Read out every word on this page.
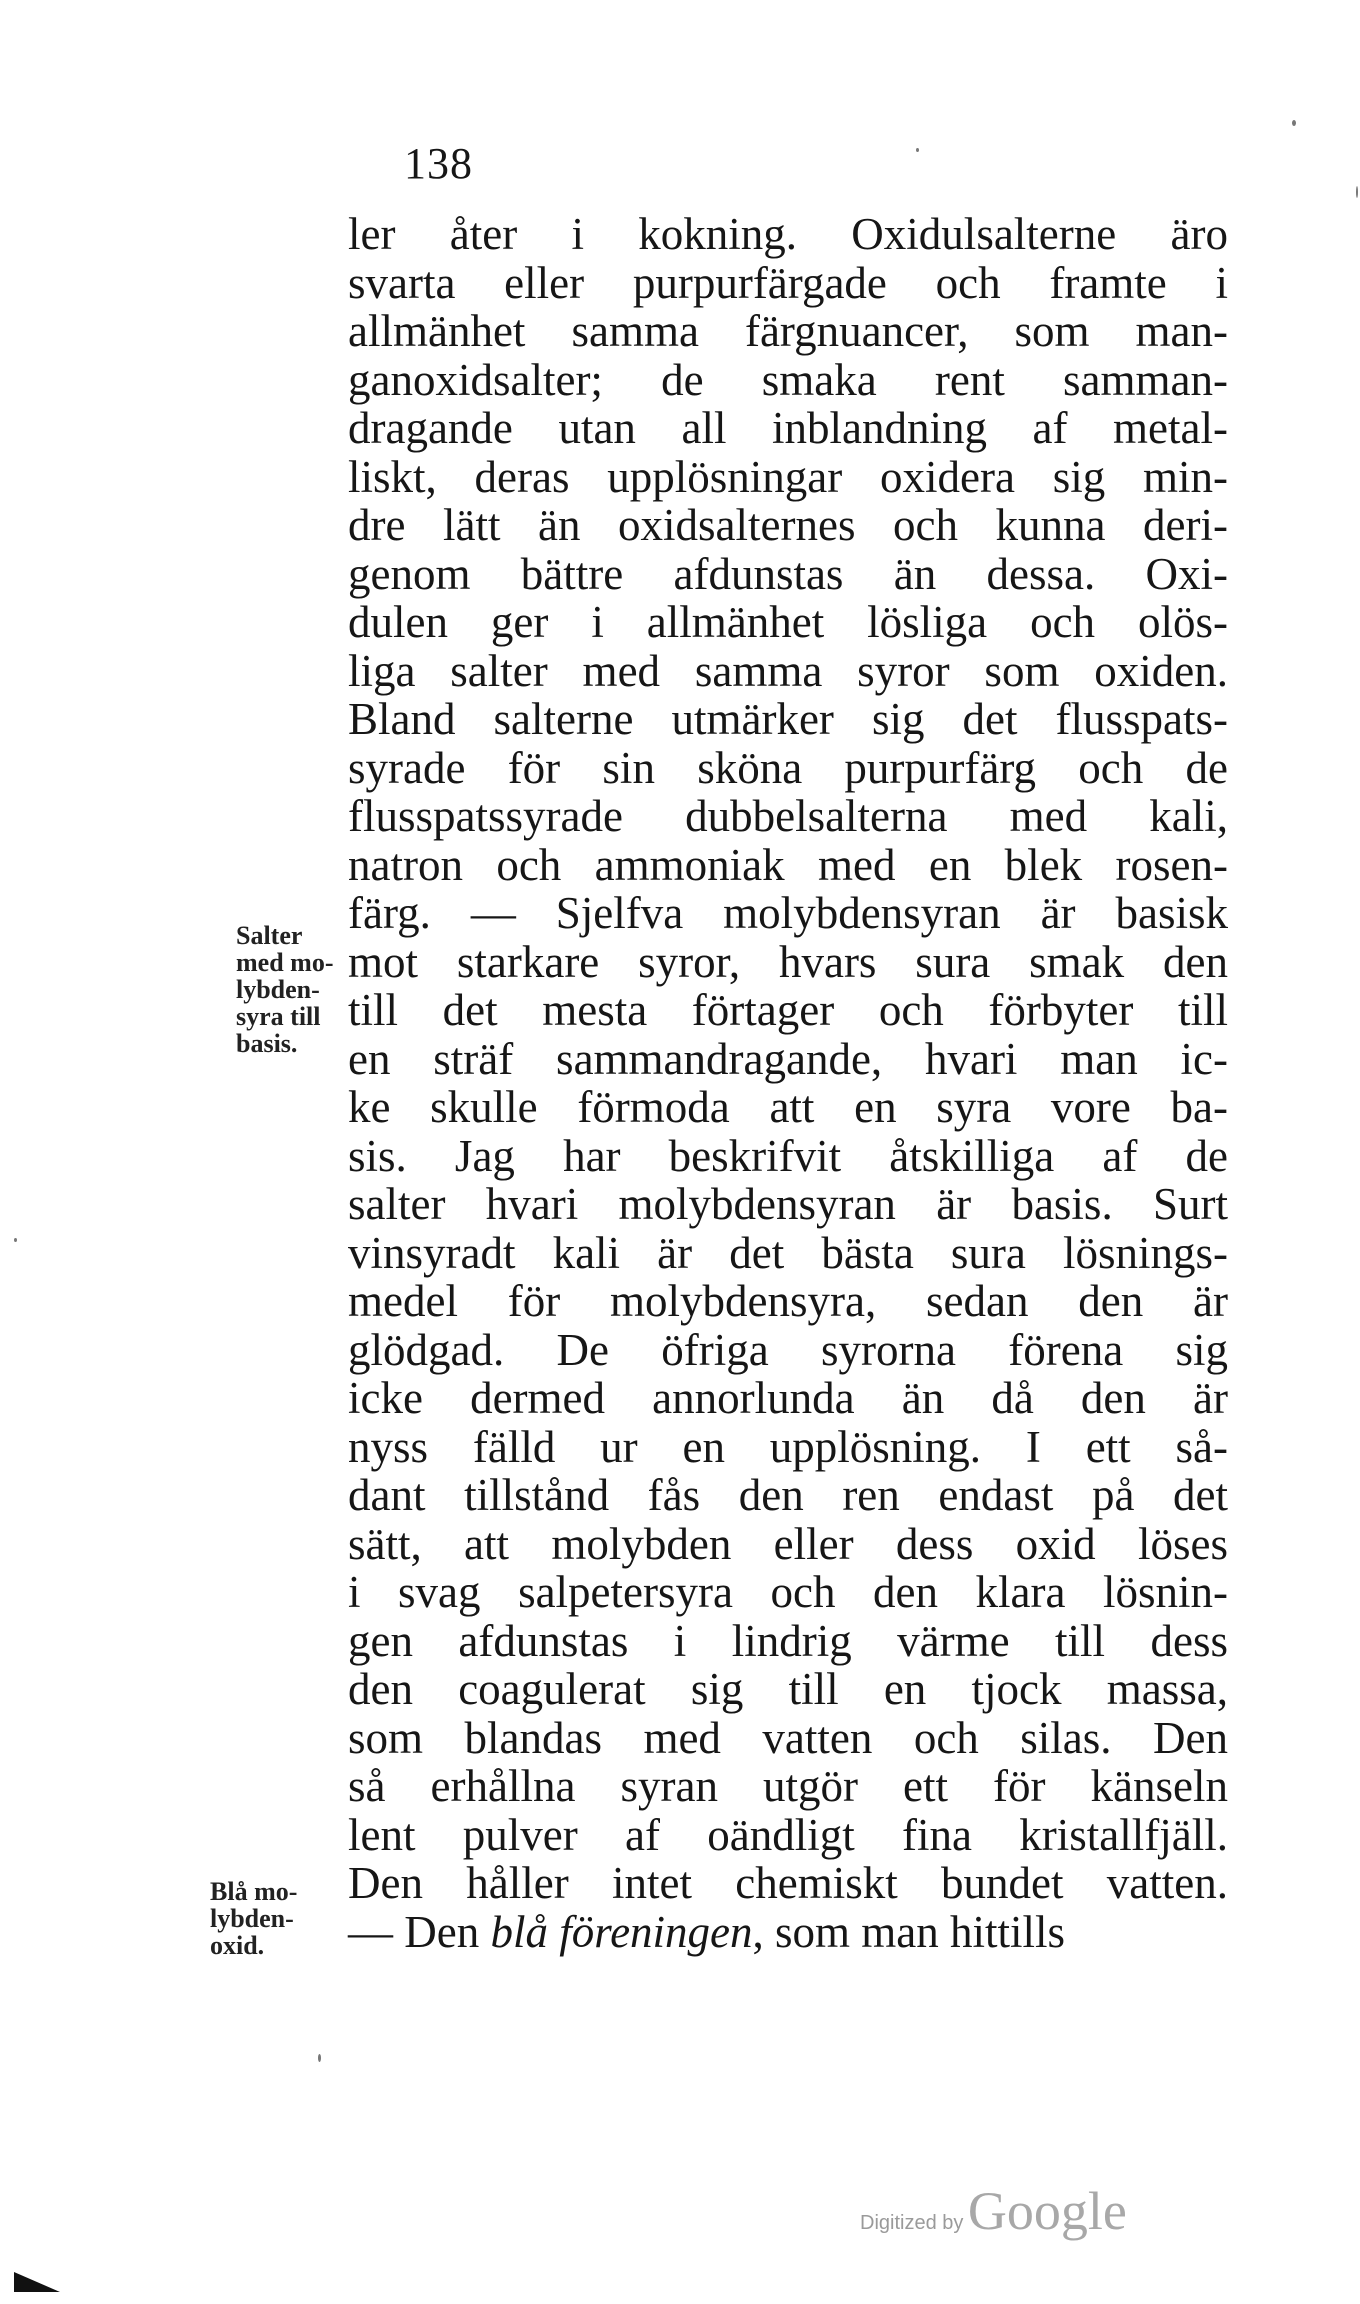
138
ler åter i kokning. Oxidulsalterne äro
svarta eller purpurfärgade och framte i
allmänhet samma färgnuancer, som man-
ganoxidsalter; de smaka rent samman-
dragande utan all inblandning af metal-
liskt, deras upplösningar oxidera sig min-
dre lätt än oxidsalternes och kunna deri-
genom bättre afdunstas än dessa. Oxi-
dulen ger i allmänhet lösliga och olös-
liga salter med samma syror som oxiden.
Bland salterne utmärker sig det flusspats-
syrade för sin sköna purpurfärg och de
flusspatssyrade dubbelsalterna med kali,
natron och ammoniak med en blek rosen-
färg. — Sjelfva molybdensyran är basisk
mot starkare syror, hvars sura smak den
till det mesta förtager och förbyter till
en sträf sammandragande, hvari man ic-
ke skulle förmoda att en syra vore ba-
sis. Jag har beskrifvit åtskilliga af de
salter hvari molybdensyran är basis. Surt
vinsyradt kali är det bästa sura lösnings-
medel för molybdensyra, sedan den är
glödgad. De öfriga syrorna förena sig
icke dermed annorlunda än då den är
nyss fälld ur en upplösning. I ett så-
dant tillstånd fås den ren endast på det
sätt, att molybden eller dess oxid löses
i svag salpetersyra och den klara lösnin-
gen afdunstas i lindrig värme till dess
den coagulerat sig till en tjock massa,
som blandas med vatten och silas. Den
så erhållna syran utgör ett för känseln
lent pulver af oändligt fina kristallfjäll.
Den håller intet chemiskt bundet vatten.
— Den blå föreningen, som man hittills
Salter
med mo-
lybden-
syra till
basis.
Blå mo-
lybden-
oxid.
Digitized by Google
